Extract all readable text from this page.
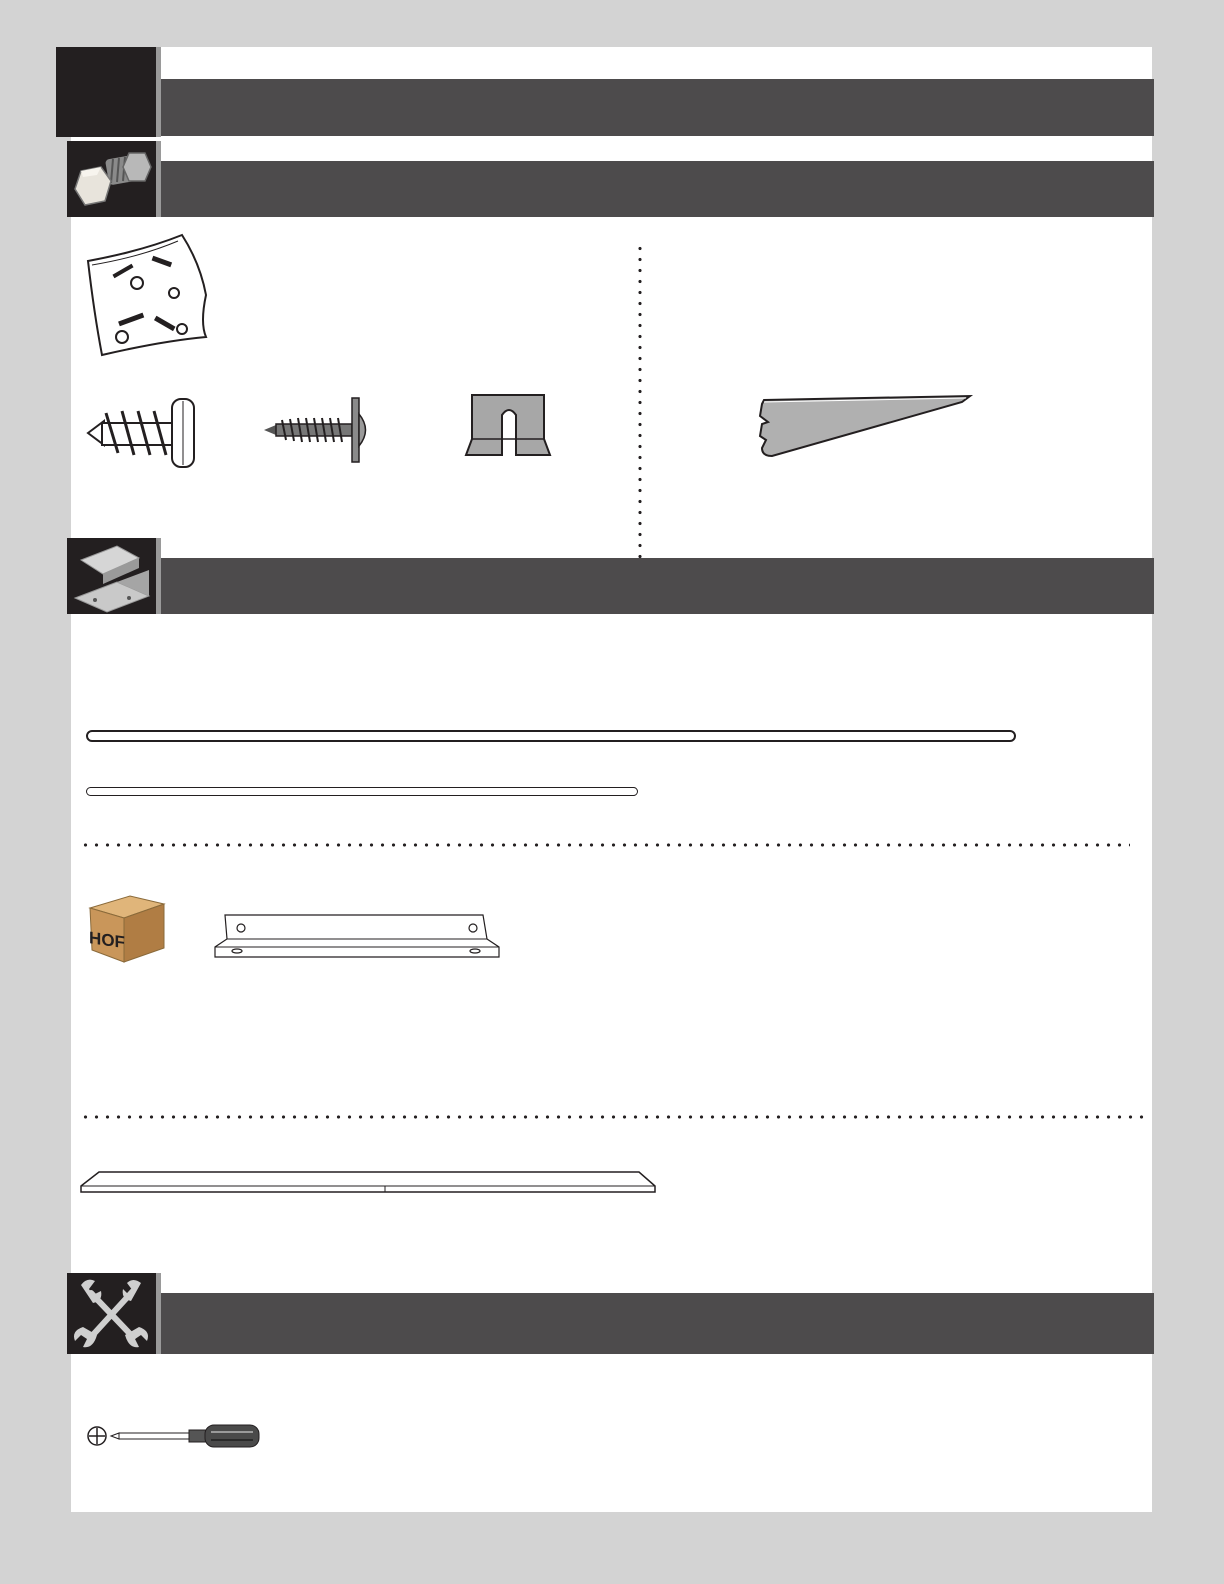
HOF
